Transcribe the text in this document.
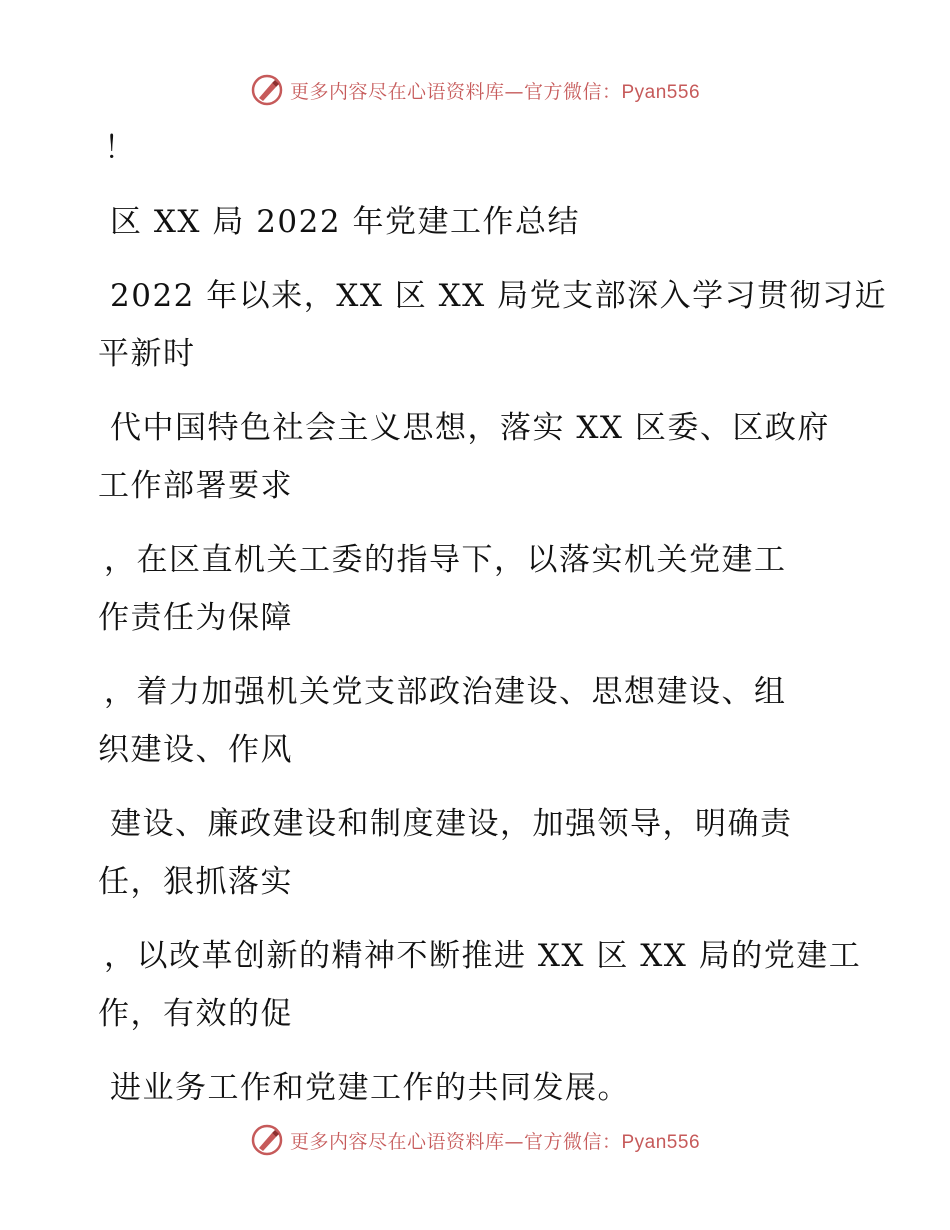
更多内容尽在心语资料库—官方微信：Pyan556
！
区 XX 局 2022 年党建工作总结
2022 年以来，XX 区 XX 局党支部深入学习贯彻习近
平新时
代中国特色社会主义思想，落实 XX 区委、区政府
工作部署要求
，在区直机关工委的指导下，以落实机关党建工
作责任为保障
，着力加强机关党支部政治建设、思想建设、组
织建设、作风
建设、廉政建设和制度建设，加强领导，明确责
任，狠抓落实
，以改革创新的精神不断推进 XX 区 XX 局的党建工
作，有效的促
进业务工作和党建工作的共同发展。
更多内容尽在心语资料库—官方微信：Pyan556
